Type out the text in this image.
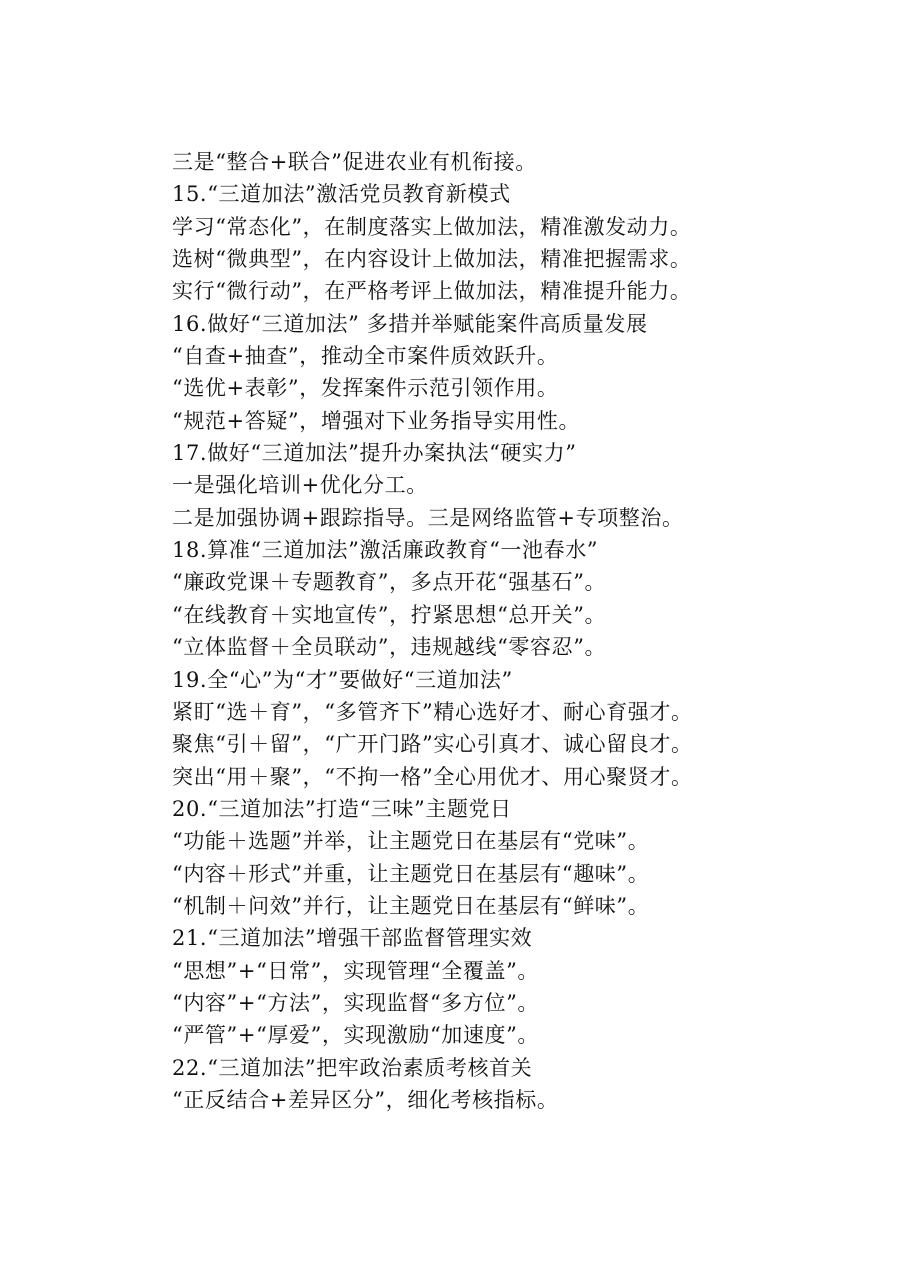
三是“整合+联合”促进农业有机衔接。
15.“三道加法”激活党员教育新模式
学习“常态化”，在制度落实上做加法，精准激发动力。
选树“微典型”，在内容设计上做加法，精准把握需求。
实行“微行动”，在严格考评上做加法，精准提升能力。
16.做好“三道加法” 多措并举赋能案件高质量发展
“自查+抽查”，推动全市案件质效跃升。
“选优+表彰”，发挥案件示范引领作用。
“规范+答疑”，增强对下业务指导实用性。
17.做好“三道加法”提升办案执法“硬实力”
一是强化培训+优化分工。
二是加强协调+跟踪指导。三是网络监管+专项整治。
18.算准“三道加法”激活廉政教育“一池春水”
“廉政党课＋专题教育”，多点开花“强基石”。
“在线教育＋实地宣传”，拧紧思想“总开关”。
“立体监督＋全员联动”，违规越线“零容忍”。
19.全“心”为“才”要做好“三道加法”
紧盯“选＋育”，“多管齐下”精心选好才、耐心育强才。
聚焦“引＋留”，“广开门路”实心引真才、诚心留良才。
突出“用＋聚”，“不拘一格”全心用优才、用心聚贤才。
20.“三道加法”打造“三味”主题党日
“功能＋选题”并举，让主题党日在基层有“党味”。
“内容＋形式”并重，让主题党日在基层有“趣味”。
“机制＋问效”并行，让主题党日在基层有“鲜味”。
21.“三道加法”增强干部监督管理实效
“思想”+“日常”，实现管理“全覆盖”。
“内容”+“方法”，实现监督“多方位”。
“严管”+“厚爱”，实现激励“加速度”。
22.“三道加法”把牢政治素质考核首关
“正反结合+差异区分”，细化考核指标。
